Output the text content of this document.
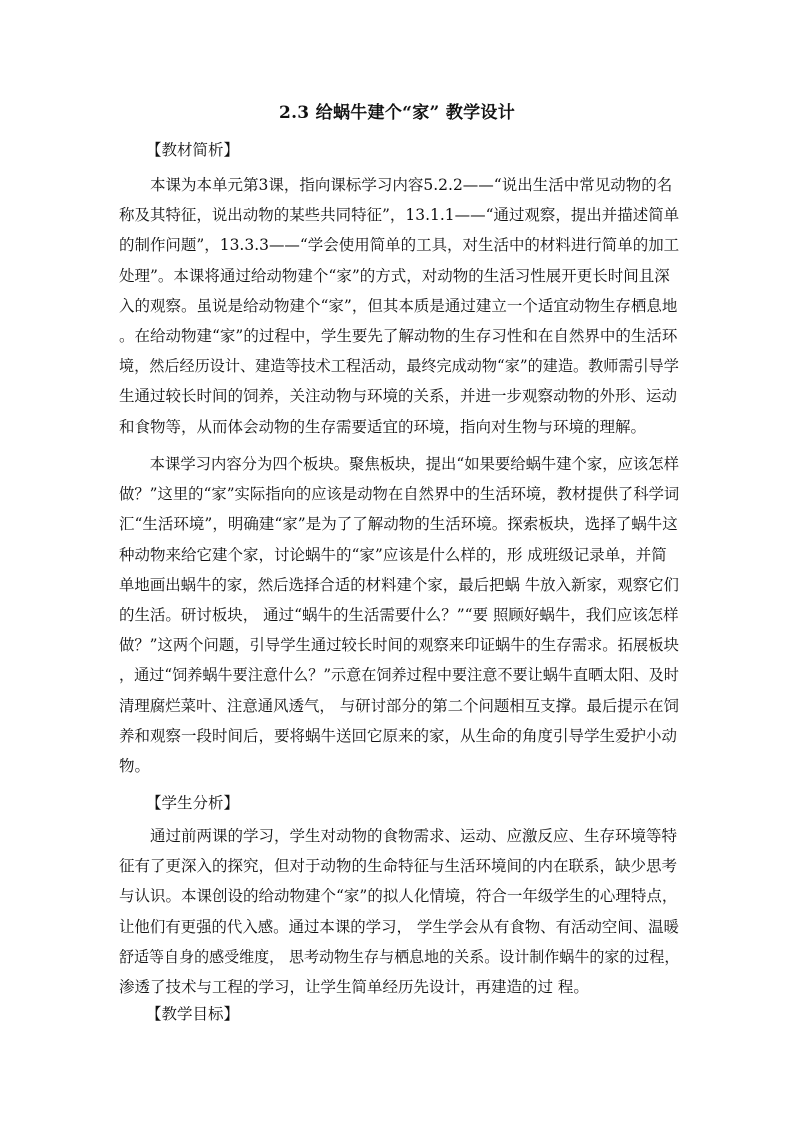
2.3 给蜗牛建个“家” 教学设计
【教材简析】
本课为本单元第3课，指向课标学习内容5.2.2——“说出生活中常见动物的名
称及其特征，说出动物的某些共同特征”，13.1.1——“通过观察，提出并描述简单
的制作问题”，13.3.3——“学会使用简单的工具，对生活中的材料进行简单的加工
处理”。本课将通过给动物建个“家”的方式，对动物的生活习性展开更长时间且深
入的观察。虽说是给动物建个“家”，但其本质是通过建立一个适宜动物生存栖息地
。在给动物建“家”的过程中，学生要先了解动物的生存习性和在自然界中的生活环
境，然后经历设计、建造等技术工程活动，最终完成动物“家”的建造。教师需引导学
生通过较长时间的饲养，关注动物与环境的关系，并进一步观察动物的外形、运动
和食物等，从而体会动物的生存需要适宜的环境，指向对生物与环境的理解。
本课学习内容分为四个板块。聚焦板块，提出“如果要给蜗牛建个家，应该怎样
做？”这里的“家”实际指向的应该是动物在自然界中的生活环境，教材提供了科学词
汇“生活环境”，明确建“家”是为了了解动物的生活环境。探索板块，选择了蜗牛这
种动物来给它建个家，讨论蜗牛的“家”应该是什么样的，形 成班级记录单，并简
单地画出蜗牛的家，然后选择合适的材料建个家，最后把蜗 牛放入新家，观察它们
的生活。研讨板块， 通过“蜗牛的生活需要什么？”“要 照顾好蜗牛，我们应该怎样
做？”这两个问题，引导学生通过较长时间的观察来印证蜗牛的生存需求。拓展板块
，通过“饲养蜗牛要注意什么？”示意在饲养过程中要注意不要让蜗牛直晒太阳、及时
清理腐烂菜叶、注意通风透气， 与研讨部分的第二个问题相互支撑。最后提示在饲
养和观察一段时间后，要将蜗牛送回它原来的家，从生命的角度引导学生爱护小动
物。
【学生分析】
通过前两课的学习，学生对动物的食物需求、运动、应激反应、生存环境等特
征有了更深入的探究，但对于动物的生命特征与生活环境间的内在联系，缺少思考
与认识。本课创设的给动物建个“家”的拟人化情境，符合一年级学生的心理特点，
让他们有更强的代入感。通过本课的学习， 学生学会从有食物、有活动空间、温暖
舒适等自身的感受维度， 思考动物生存与栖息地的关系。设计制作蜗牛的家的过程，
渗透了技术与工程的学习，让学生简单经历先设计，再建造的过 程。
【教学目标】
